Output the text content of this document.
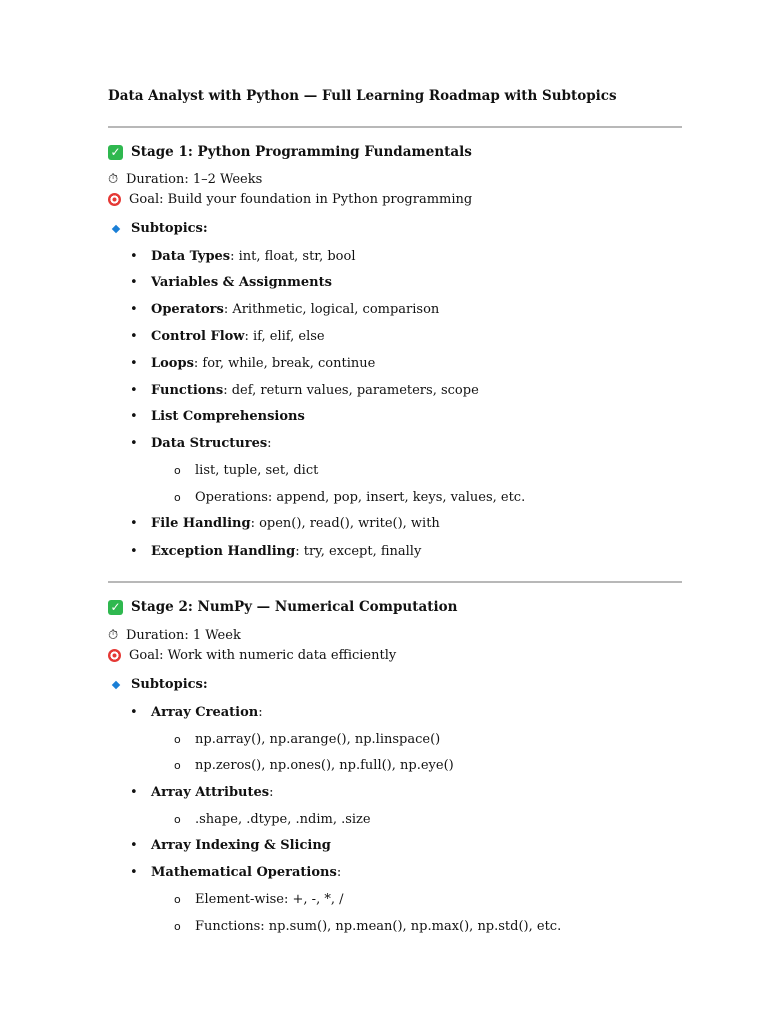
Data Analyst with Python — Full Learning Roadmap with Subtopics
✓ Stage 1: Python Programming Fundamentals
⏱ Duration: 1–2 Weeks
Goal: Build your foundation in Python programming
Subtopics:
• Data Types: int, float, str, bool
• Variables & Assignments
• Operators: Arithmetic, logical, comparison
• Control Flow: if, elif, else
• Loops: for, while, break, continue
• Functions: def, return values, parameters, scope
• List Comprehensions
• Data Structures:
o list, tuple, set, dict
o Operations: append, pop, insert, keys, values, etc.
• File Handling: open(), read(), write(), with
• Exception Handling: try, except, finally
✓ Stage 2: NumPy — Numerical Computation
⏱ Duration: 1 Week
Goal: Work with numeric data efficiently
Subtopics:
• Array Creation:
o np.array(), np.arange(), np.linspace()
o np.zeros(), np.ones(), np.full(), np.eye()
• Array Attributes:
o .shape, .dtype, .ndim, .size
• Array Indexing & Slicing
• Mathematical Operations:
o Element-wise: +, -, *, /
o Functions: np.sum(), np.mean(), np.max(), np.std(), etc.
